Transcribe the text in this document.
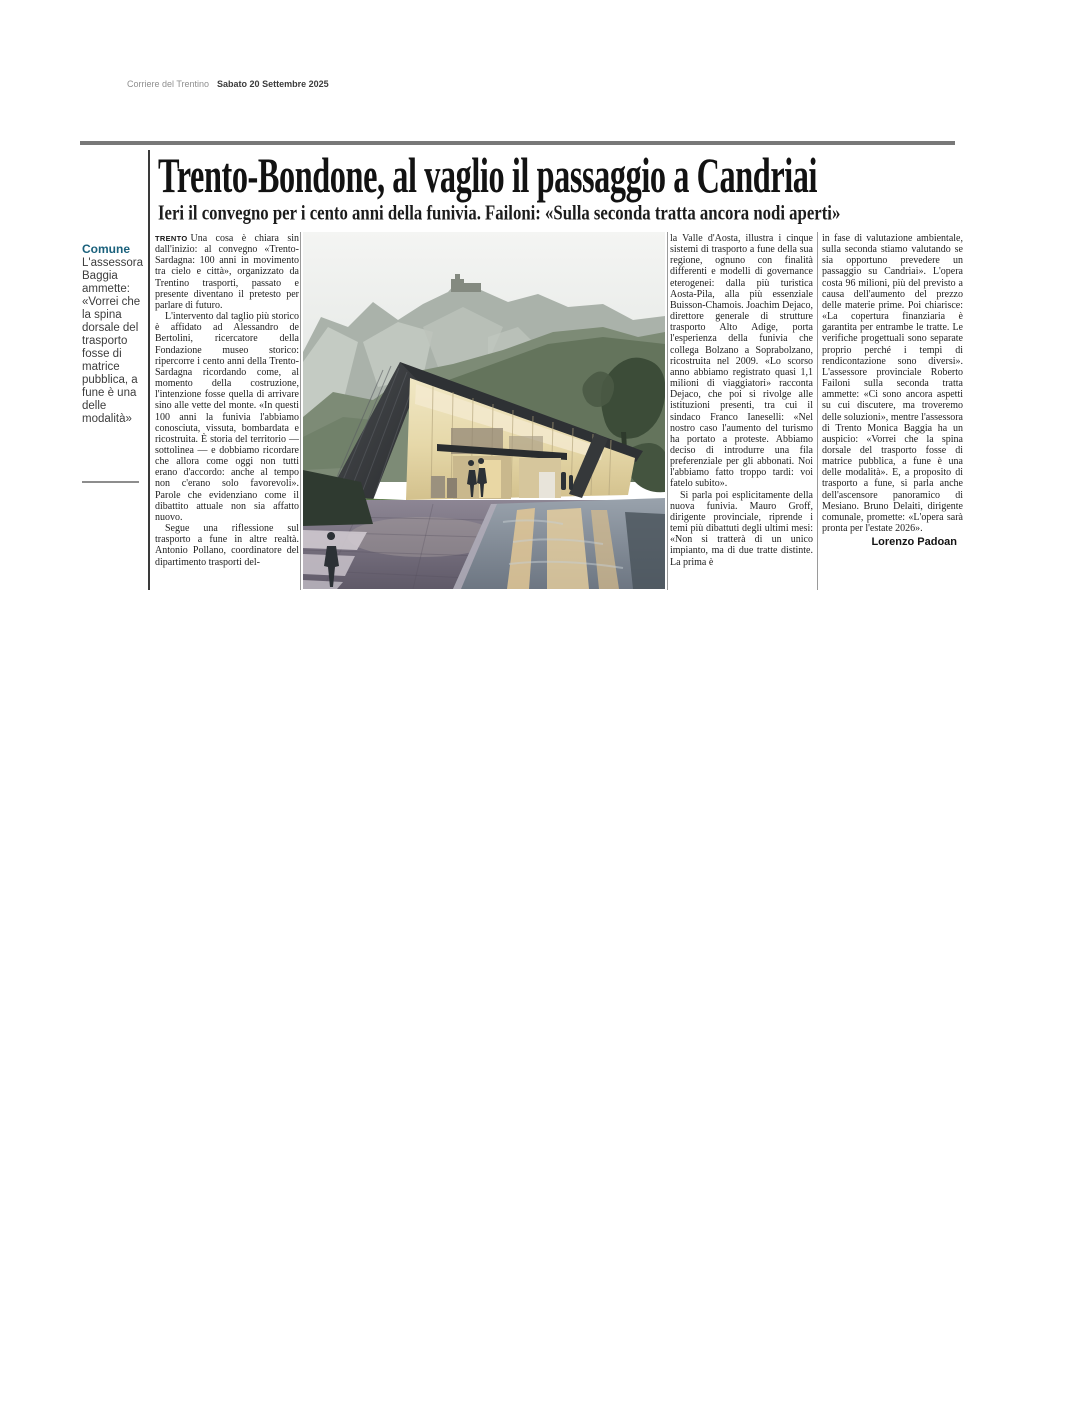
Corriere del Trentino Sabato 20 Settembre 2025
Trento-Bondone, al vaglio il passaggio a Candriai
Ieri il convegno per i cento anni della funivia. Failoni: «Sulla seconda tratta ancora nodi aperti»
Comune
L'assessora Baggia ammette: «Vorrei che la spina dorsale del trasporto fosse di matrice pubblica, a fune è una delle modalità»

TRENTO Una cosa è chiara sin dall'inizio: al convegno «Trento-Sardagna: 100 anni in movimento tra cielo e città», organizzato da Trentino trasporti, passato e presente diventano il pretesto per parlare di futuro.

L'intervento dal taglio più storico è affidato ad Alessandro de Bertolini, ricercatore della Fondazione museo storico: ripercorre i cento anni della Trento-Sardagna ricordando come, al momento della costruzione, l'intenzione fosse quella di arrivare sino alle vette del monte. «In questi 100 anni la funivia l'abbiamo conosciuta, vissuta, bombardata e ricostruita. È storia del territorio — sottolinea — e dobbiamo ricordare che allora come oggi non tutti erano d'accordo: anche al tempo non c'erano solo favorevoli». Parole che evidenziano come il dibattito attuale non sia affatto nuovo.

Segue una riflessione sul trasporto a fune in altre realtà. Antonio Pollano, coordinatore del dipartimento trasporti del-

la Valle d'Aosta, illustra i cinque sistemi di trasporto a fune della sua regione, ognuno con finalità differenti e modelli di governance eterogenei: dalla più turistica Aosta-Pila, alla più essenziale Buisson-Chamois. Joachim Dejaco, direttore generale di strutture trasporto Alto Adige, porta l'esperienza della funivia che collega Bolzano a Soprabolzano, ricostruita nel 2009. «Lo scorso anno abbiamo registrato quasi 1,1 milioni di viaggiatori» racconta Dejaco, che poi si rivolge alle istituzioni presenti, tra cui il sindaco Franco Ianeselli: «Nel nostro caso l'aumento del turismo ha portato a proteste. Abbiamo deciso di introdurre una fila preferenziale per gli abbonati. Noi l'abbiamo fatto troppo tardi: voi fatelo subito».

Si parla poi esplicitamente della nuova funivia. Mauro Groff, dirigente provinciale, riprende i temi più dibattuti degli ultimi mesi: «Non si tratterà di un unico impianto, ma di due tratte distinte. La prima è

in fase di valutazione ambientale, sulla seconda stiamo valutando se sia opportuno prevedere un passaggio su Candriai». L'opera costa 96 milioni, più del previsto a causa dell'aumento del prezzo delle materie prime. Poi chiarisce: «La copertura finanziaria è garantita per entrambe le tratte. Le verifiche progettuali sono separate proprio perché i tempi di rendicontazione sono diversi». L'assessore provinciale Roberto Failoni sulla seconda tratta ammette: «Ci sono ancora aspetti su cui discutere, ma troveremo delle soluzioni», mentre l'assessora di Trento Monica Baggia ha un auspicio: «Vorrei che la spina dorsale del trasporto fosse di matrice pubblica, a fune è una delle modalità». E, a proposito di trasporto a fune, si parla anche dell'ascensore panoramico di Mesiano. Bruno Delaiti, dirigente comunale, promette: «L'opera sarà pronta per l'estate 2026».

Lorenzo Padoan
